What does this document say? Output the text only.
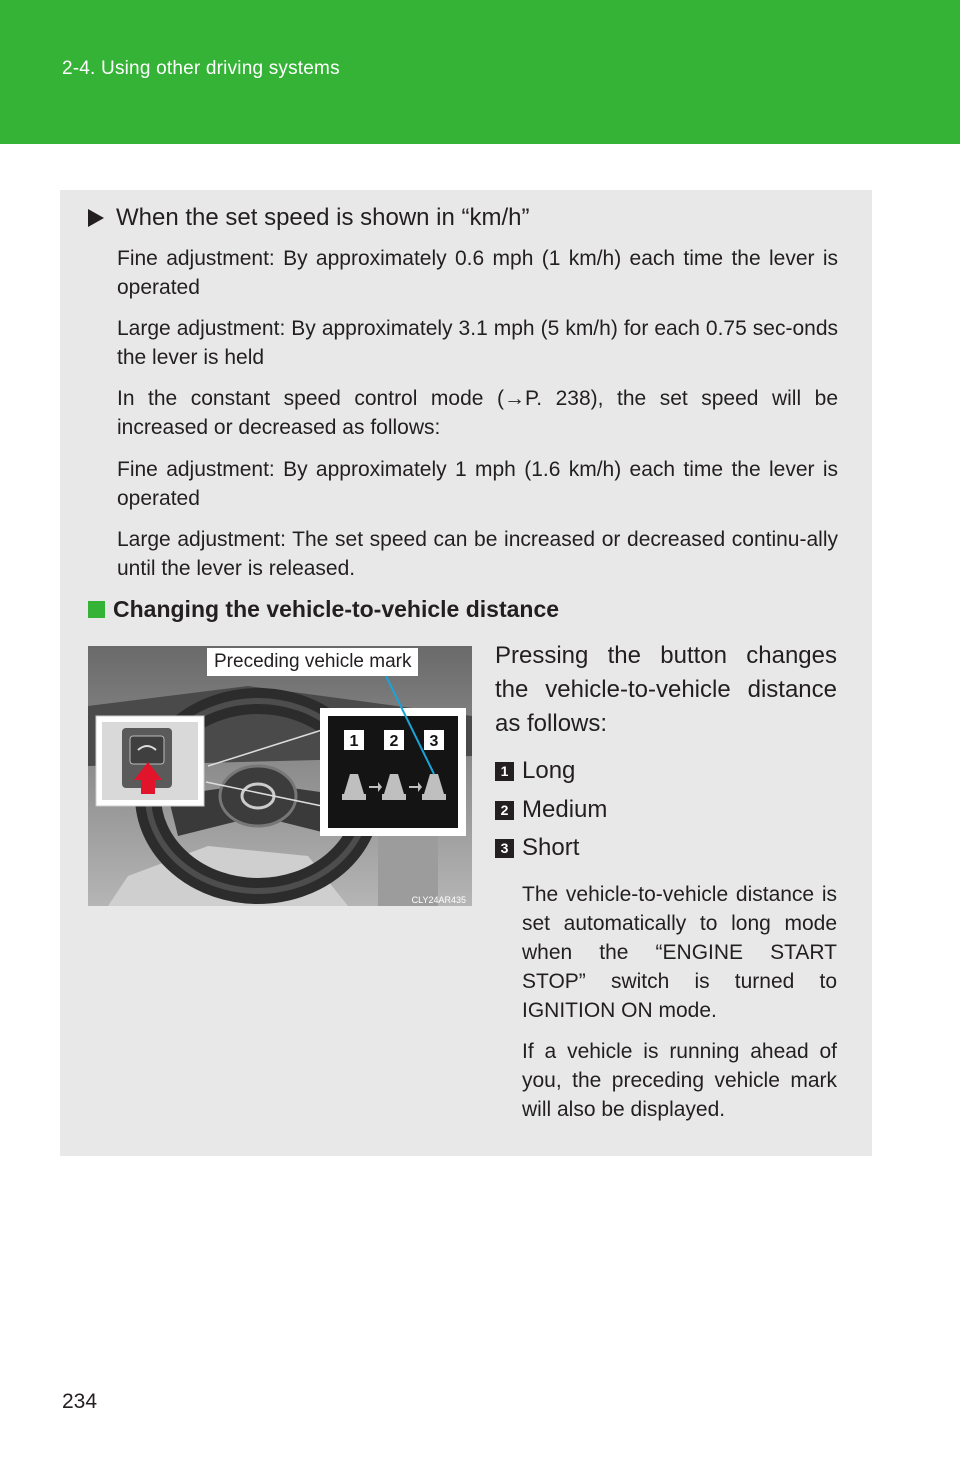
2-4. Using other driving systems
When the set speed is shown in “km/h”

Fine adjustment: By approximately 0.6 mph (1 km/h) each time the lever is operated

Large adjustment: By approximately 3.1 mph (5 km/h) for each 0.75 sec-onds the lever is held

In the constant speed control mode (→P. 238), the set speed will be increased or decreased as follows:

Fine adjustment: By approximately 1 mph (1.6 km/h) each time the lever is operated

Large adjustment: The set speed can be increased or decreased continu-ally until the lever is released.

Changing the vehicle-to-vehicle distance
1 2 3
CLY24AR435
Preceding vehicle mark	Pressing the button changes the vehicle-to-vehicle distance as follows:

1 Long
2 Medium
3 Short

The vehicle-to-vehicle distance is set automatically to long mode when the “ENGINE START STOP” switch is turned to IGNITION ON mode.

If a vehicle is running ahead of you, the preceding vehicle mark will also be displayed.

234
